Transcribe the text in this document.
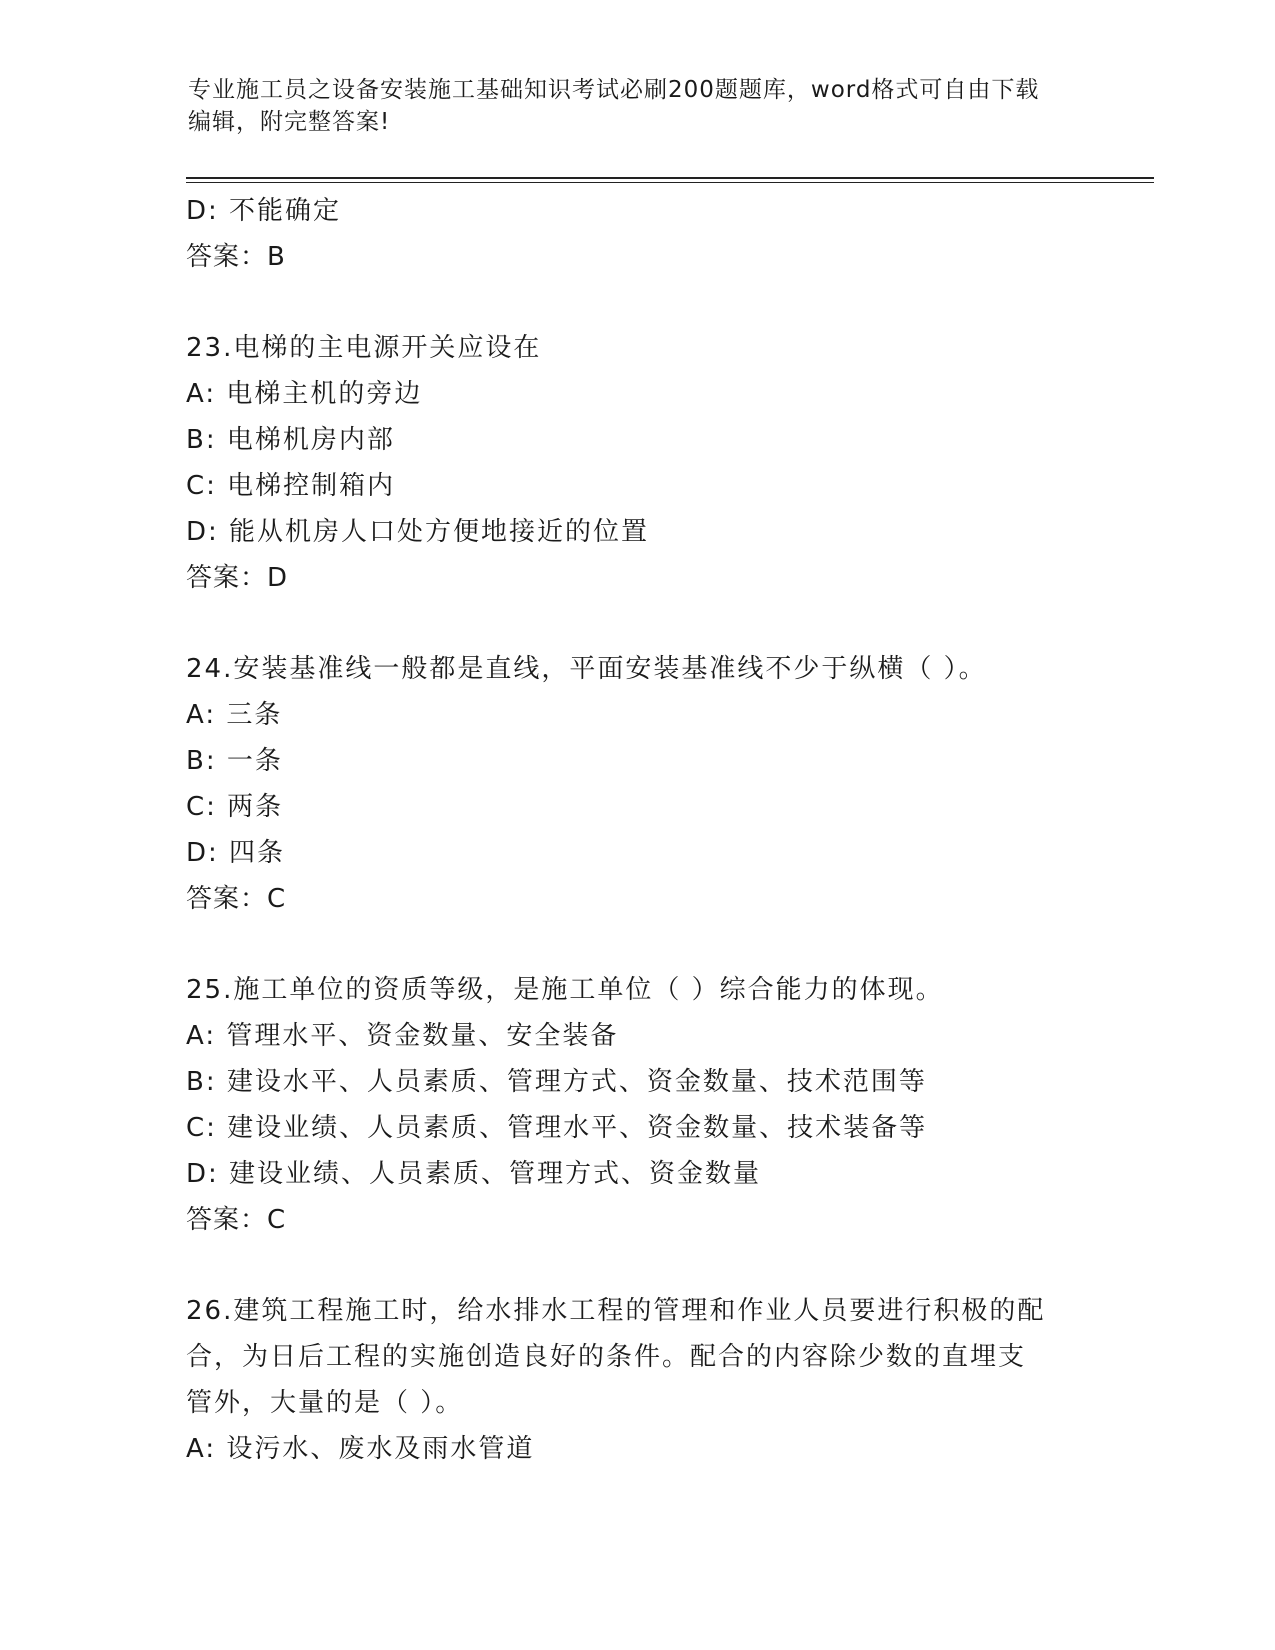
专业施工员之设备安装施工基础知识考试必刷200题题库，word格式可自由下载
编辑，附完整答案!
D: 不能确定
答案：B
23.电梯的主电源开关应设在
A: 电梯主机的旁边
B: 电梯机房内部
C: 电梯控制箱内
D: 能从机房人口处方便地接近的位置
答案：D
24.安装基准线一般都是直线，平面安装基准线不少于纵横（ ）。
A: 三条
B: 一条
C: 两条
D: 四条
答案：C
25.施工单位的资质等级，是施工单位（ ）综合能力的体现。
A: 管理水平、资金数量、安全装备
B: 建设水平、人员素质、管理方式、资金数量、技术范围等
C: 建设业绩、人员素质、管理水平、资金数量、技术装备等
D: 建设业绩、人员素质、管理方式、资金数量
答案：C
26.建筑工程施工时，给水排水工程的管理和作业人员要进行积极的配
合，为日后工程的实施创造良好的条件。配合的内容除少数的直埋支
管外，大量的是（ ）。
A: 设污水、废水及雨水管道
